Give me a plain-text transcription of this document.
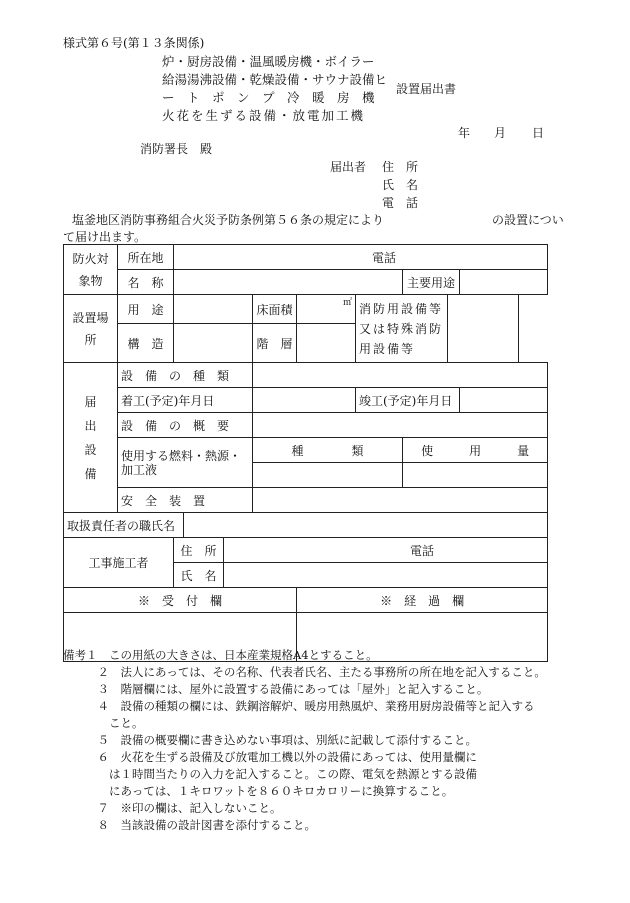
様式第６号(第１３条関係)
炉・厨房設備・温風暖房機・ボイラー
給湯湯沸設備・乾燥設備・サウナ設備ヒ
ー　ト　ポ　ン　プ　冷　暖　房　機
火花を生ずる設備・放電加工機
設置届出書
年 月 日
消防署長　殿
届出者 住　所
氏　名
電　話
塩釜地区消防事務組合火災予防条例第５６条の規定により	の設置につい
て届け出ます。
防火対象物	所在地	電話								
	名　称							主要用途		
設置場所	用　途				床面積	㎡	消防用設備等又は特殊消防用設備等			
	構　造				階　層					
届出設備	設　備　の　種　類									
	着工(予定)年月日						竣工(予定)年月日			
	設　備　の　概　要									
	使用する燃料・熱源・加工液				種　　　　類			使　　　用　　　量		

	安　全　装　置									
取扱責任者の職氏名										
工事施工者		住　所		電話						
		氏　名								
※　受　付　欄						※　経　過　欄				

備考１　この用紙の大きさは、日本産業規格A4とすること。
　　　２　法人にあっては、その名称、代表者氏名、主たる事務所の所在地を記入すること。
　　　３　階層欄には、屋外に設置する設備にあっては「屋外」と記入すること。
　　　４　設備の種類の欄には、鉄鋼溶解炉、暖房用熱風炉、業務用厨房設備等と記入する
　　　　こと。
　　　５　設備の概要欄に書き込めない事項は、別紙に記載して添付すること。
　　　６　火花を生ずる設備及び放電加工機以外の設備にあっては、使用量欄に
　　　　は１時間当たりの入力を記入すること。この際、電気を熱源とする設備
　　　　にあっては、１キロワットを８６０キロカロリーに換算すること。
　　　７　※印の欄は、記入しないこと。
　　　８　当該設備の設計図書を添付すること。
